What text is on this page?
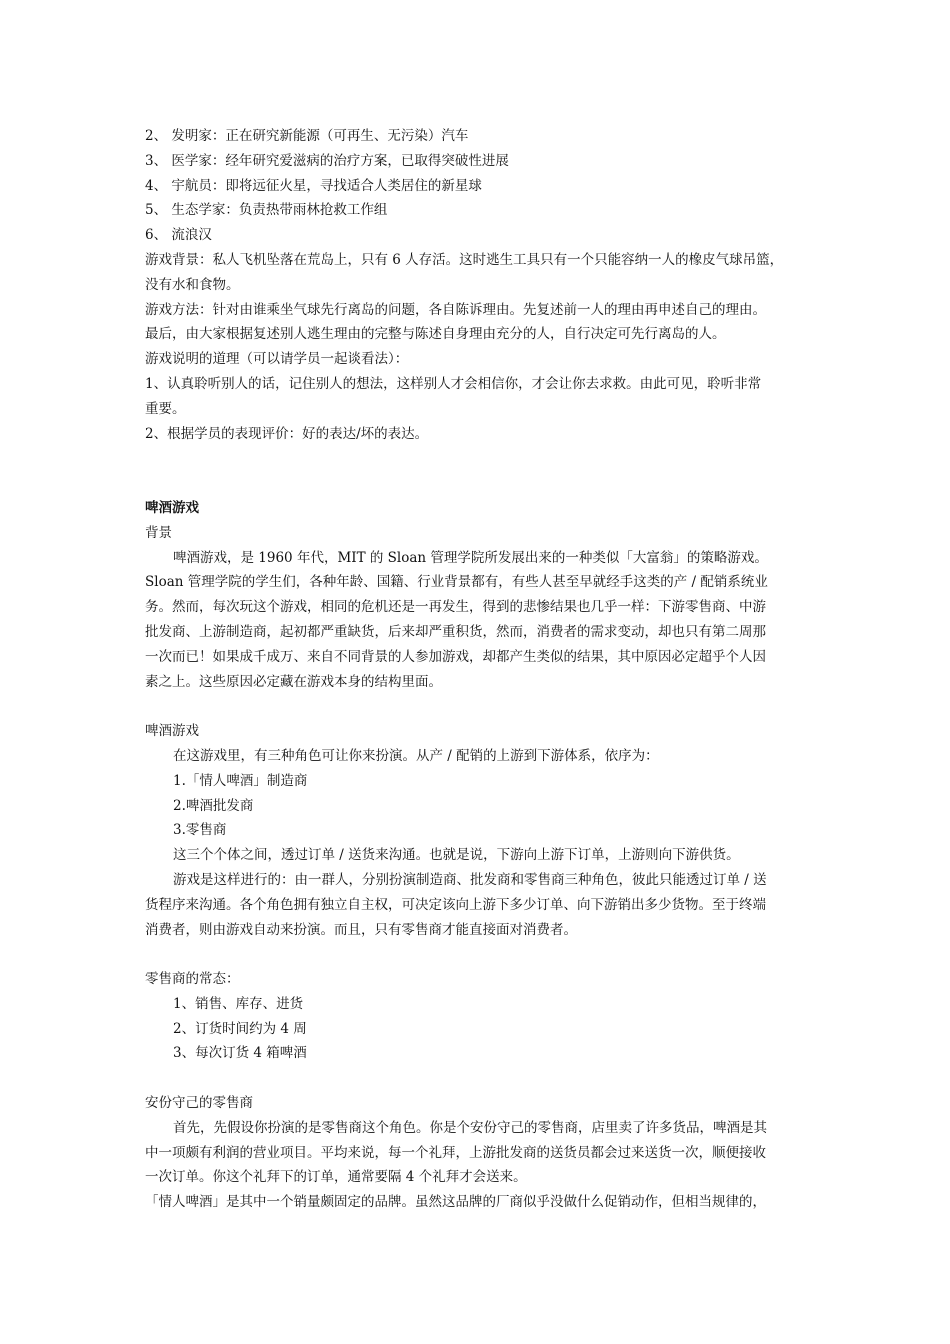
2、 发明家：正在研究新能源（可再生、无污染）汽车
3、 医学家：经年研究爱滋病的治疗方案，已取得突破性进展
4、 宇航员：即将远征火星，寻找适合人类居住的新星球
5、 生态学家：负责热带雨林抢救工作组
6、 流浪汉
游戏背景：私人飞机坠落在荒岛上，只有 6 人存活。这时逃生工具只有一个只能容纳一人的橡皮气球吊篮，
没有水和食物。
游戏方法：针对由谁乘坐气球先行离岛的问题，各自陈诉理由。先复述前一人的理由再申述自己的理由。
最后，由大家根据复述别人逃生理由的完整与陈述自身理由充分的人，自行决定可先行离岛的人。
游戏说明的道理（可以请学员一起谈看法）：
1、认真聆听别人的话，记住别人的想法，这样别人才会相信你，才会让你去求救。由此可见，聆听非常
重要。
2、根据学员的表现评价：好的表达/坏的表达。
啤酒游戏
背景
啤酒游戏，是 1960 年代，MIT 的 Sloan 管理学院所发展出来的一种类似「大富翁」的策略游戏。
Sloan 管理学院的学生们，各种年龄、国籍、行业背景都有，有些人甚至早就经手这类的产 / 配销系统业
务。然而，每次玩这个游戏，相同的危机还是一再发生，得到的悲惨结果也几乎一样：下游零售商、中游
批发商、上游制造商，起初都严重缺货，后来却严重积货，然而，消费者的需求变动，却也只有第二周那
一次而已！如果成千成万、来自不同背景的人参加游戏，却都产生类似的结果，其中原因必定超乎个人因
素之上。这些原因必定藏在游戏本身的结构里面。
啤酒游戏
在这游戏里，有三种角色可让你来扮演。从产 / 配销的上游到下游体系，依序为：
1.「情人啤酒」制造商
2.啤酒批发商
3.零售商
这三个个体之间，透过订单 / 送货来沟通。也就是说，下游向上游下订单，上游则向下游供货。
游戏是这样进行的：由一群人，分别扮演制造商、批发商和零售商三种角色，彼此只能透过订单 / 送
货程序来沟通。各个角色拥有独立自主权，可决定该向上游下多少订单、向下游销出多少货物。至于终端
消费者，则由游戏自动来扮演。而且，只有零售商才能直接面对消费者。
零售商的常态：
1、销售、库存、进货
2、订货时间约为 4 周
3、每次订货 4 箱啤酒
安份守己的零售商
首先，先假设你扮演的是零售商这个角色。你是个安份守己的零售商，店里卖了许多货品，啤酒是其
中一项颇有利润的营业项目。平均来说，每一个礼拜，上游批发商的送货员都会过来送货一次，顺便接收
一次订单。你这个礼拜下的订单，通常要隔 4 个礼拜才会送来。
「情人啤酒」是其中一个销量颇固定的品牌。虽然这品牌的厂商似乎没做什么促销动作，但相当规律的，
